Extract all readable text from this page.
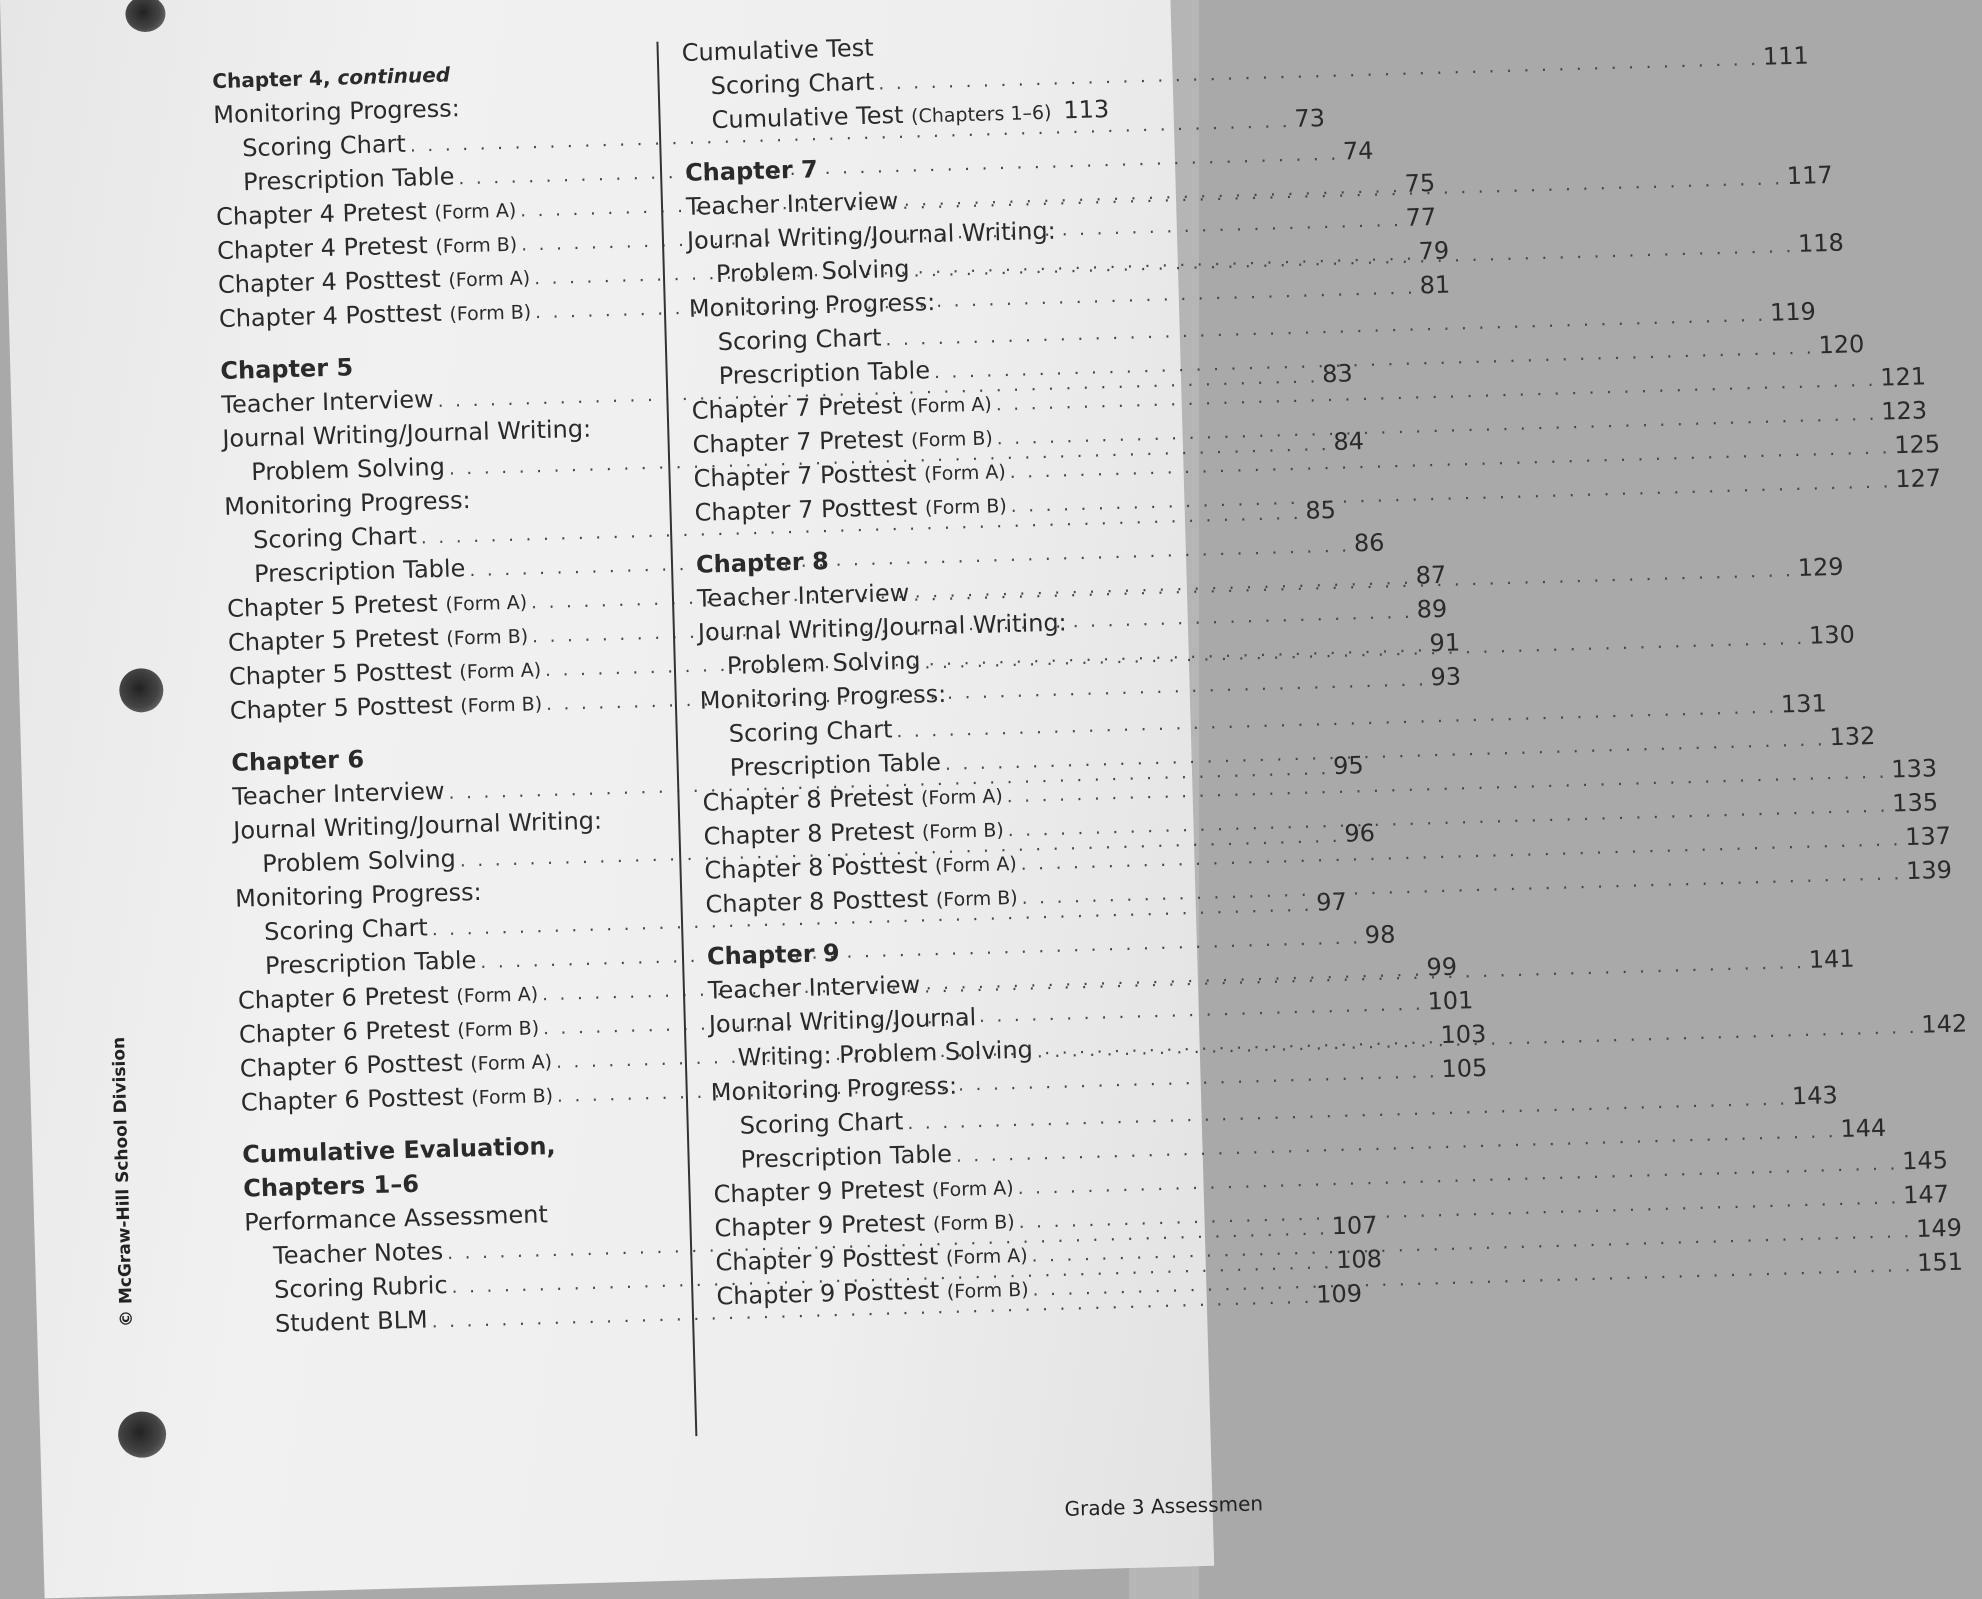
Chapter 4, continued
Monitoring Progress:
Scoring Chart
. . .
73
Prescription Table
. . .
74
Chapter 4 Pretest (Form A)
. . .
75
Chapter 4 Pretest (Form B)
. . .
77
Chapter 4 Posttest (Form A)
. . .
79
Chapter 4 Posttest (Form B)
. . .
81
Chapter 5
Teacher Interview
. . .
83
Journal Writing/Journal Writing:
Problem Solving
. . .
84
Monitoring Progress:
Scoring Chart
. . .
85
Prescription Table
. . .
86
Chapter 5 Pretest (Form A)
. . .
87
Chapter 5 Pretest (Form B)
. . .
89
Chapter 5 Posttest (Form A)
. . .
91
Chapter 5 Posttest (Form B)
. . .
93
Chapter 6
Teacher Interview
. . .
95
Journal Writing/Journal Writing:
Problem Solving
. . .
96
Monitoring Progress:
Scoring Chart
. . .
97
Prescription Table
. . .
98
Chapter 6 Pretest (Form A)
. . .
99
Chapter 6 Pretest (Form B)
. . .
101
Chapter 6 Posttest (Form A)
. . .
103
Chapter 6 Posttest (Form B)
. . .
105
Cumulative Evaluation,
Chapters 1–6
Performance Assessment
Teacher Notes
. . .
107
Scoring Rubric
. . .
108
Student BLM
. . .
109
Cumulative Test
Scoring Chart
. . .
111
Cumulative Test (Chapters 1–6) 113
Chapter 7
Teacher Interview
. . .
117
Journal Writing/Journal Writing:
Problem Solving
. . .
118
Monitoring Progress:
Scoring Chart
. . .
119
Prescription Table
. . .
120
Chapter 7 Pretest (Form A)
. . .
121
Chapter 7 Pretest (Form B)
. . .
123
Chapter 7 Posttest (Form A)
. . .
125
Chapter 7 Posttest (Form B)
. . .
127
Chapter 8
Teacher Interview
. . .
129
Journal Writing/Journal Writing:
Problem Solving
. . .
130
Monitoring Progress:
Scoring Chart
. . .
131
Prescription Table
. . .
132
Chapter 8 Pretest (Form A)
. . .
133
Chapter 8 Pretest (Form B)
. . .
135
Chapter 8 Posttest (Form A)
. . .
137
Chapter 8 Posttest (Form B)
. . .
139
Chapter 9
Teacher Interview
. . .
141
Journal Writing/Journal
Writing: Problem Solving
. . .
142
Monitoring Progress:
Scoring Chart
. . .
143
Prescription Table
. . .
144
Chapter 9 Pretest (Form A)
. . .
145
Chapter 9 Pretest (Form B)
. . .
147
Chapter 9 Posttest (Form A)
. . .
149
Chapter 9 Posttest (Form B)
. . .
151
© McGraw-Hill School Division
Grade 3 Assessmen
